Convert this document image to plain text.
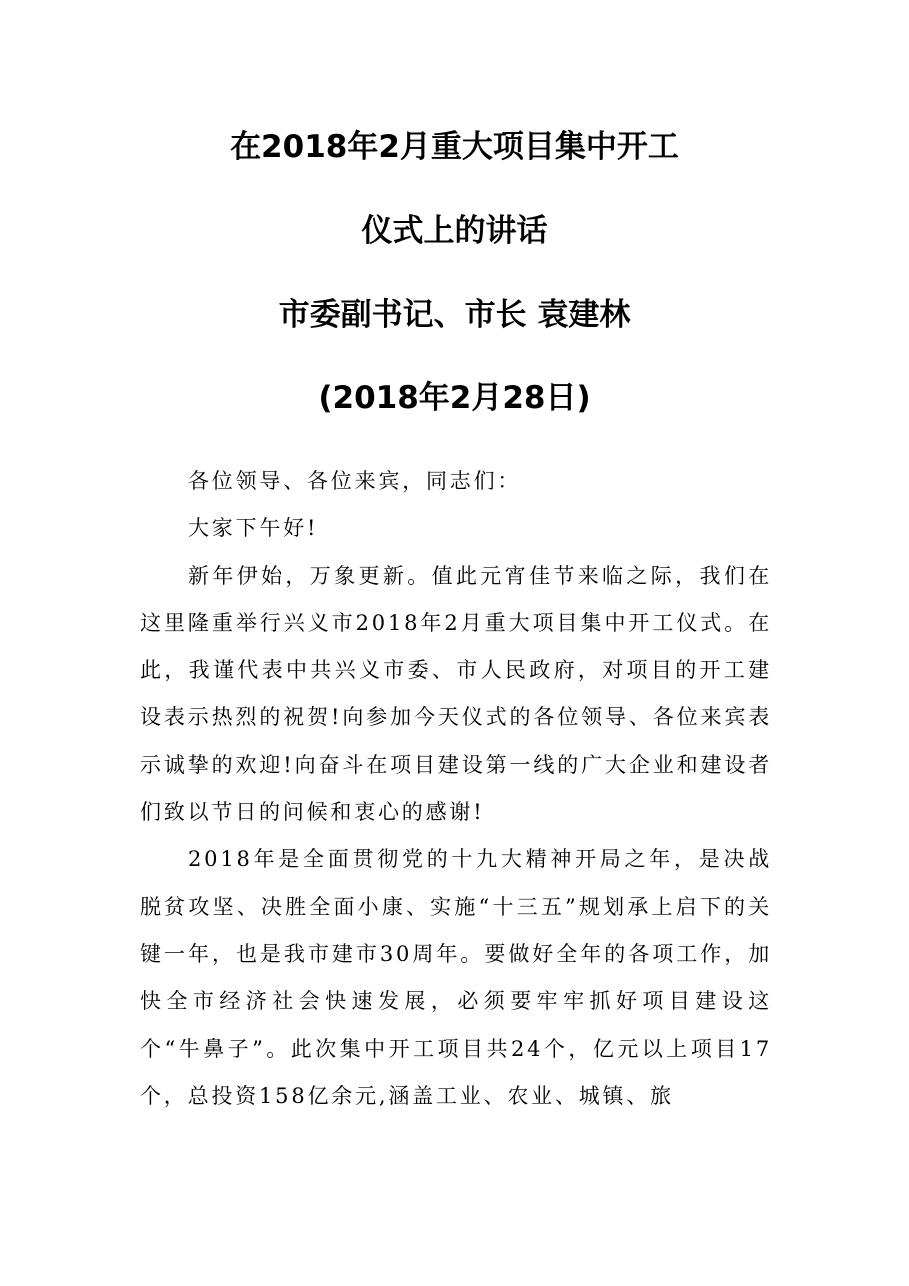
在2018年2月重大项目集中开工
仪式上的讲话
市委副书记、市长 袁建林
(2018年2月28日)

各位领导、各位来宾，同志们：

大家下午好!

新年伊始，万象更新。值此元宵佳节来临之际，我们在这里隆重举行兴义市2018年2月重大项目集中开工仪式。在此，我谨代表中共兴义市委、市人民政府，对项目的开工建设表示热烈的祝贺!向参加今天仪式的各位领导、各位来宾表示诚挚的欢迎!向奋斗在项目建设第一线的广大企业和建设者们致以节日的问候和衷心的感谢!

2018年是全面贯彻党的十九大精神开局之年，是决战脱贫攻坚、决胜全面小康、实施“十三五”规划承上启下的关键一年，也是我市建市30周年。要做好全年的各项工作，加快全市经济社会快速发展，必须要牢牢抓好项目建设这个“牛鼻子”。此次集中开工项目共24个，亿元以上项目17个，总投资158亿余元,涵盖工业、农业、城镇、旅
